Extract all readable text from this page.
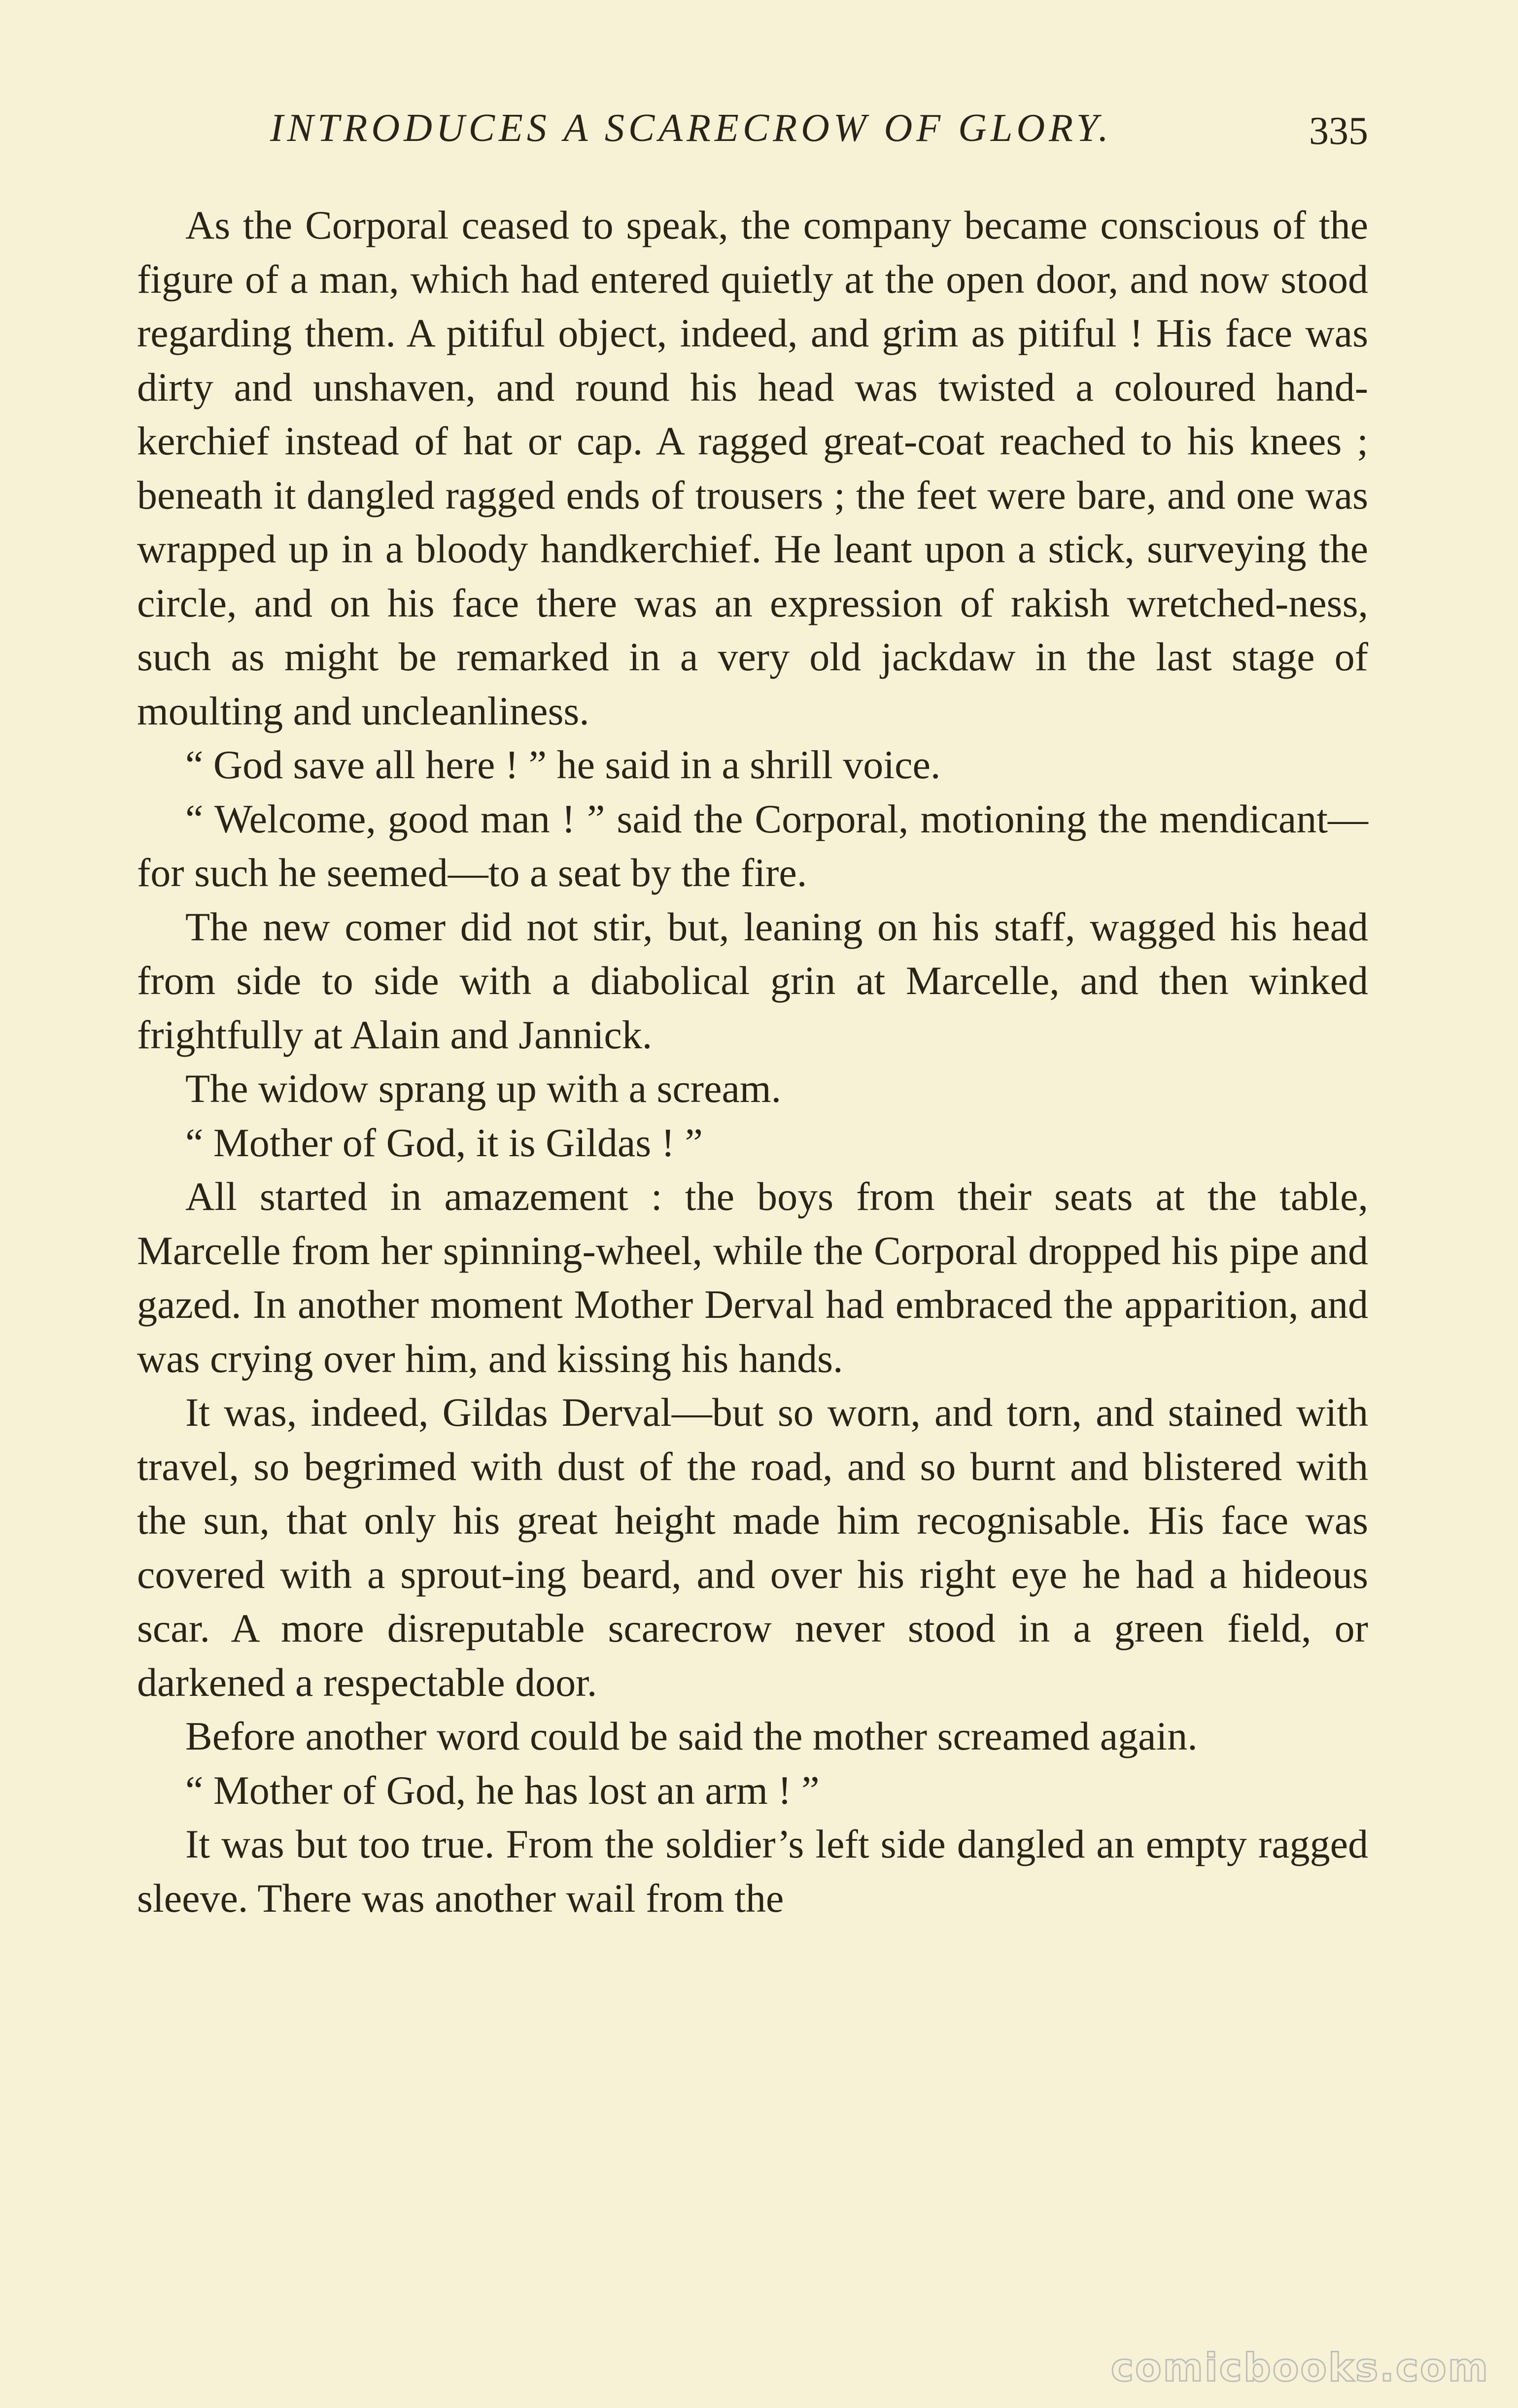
INTRODUCES A SCARECROW OF GLORY.	335

As the Corporal ceased to speak, the company became conscious of the figure of a man, which had entered quietly at the open door, and now stood regarding them. A pitiful object, indeed, and grim as pitiful ! His face was dirty and unshaven, and round his head was twisted a coloured hand-kerchief instead of hat or cap. A ragged great-coat reached to his knees ; beneath it dangled ragged ends of trousers ; the feet were bare, and one was wrapped up in a bloody handkerchief. He leant upon a stick, surveying the circle, and on his face there was an expression of rakish wretched-ness, such as might be remarked in a very old jackdaw in the last stage of moulting and uncleanliness.

“ God save all here ! ” he said in a shrill voice.

“ Welcome, good man ! ” said the Corporal, motioning the mendicant—for such he seemed—to a seat by the fire.

The new comer did not stir, but, leaning on his staff, wagged his head from side to side with a diabolical grin at Marcelle, and then winked frightfully at Alain and Jannick.

The widow sprang up with a scream.

“ Mother of God, it is Gildas ! ”

All started in amazement : the boys from their seats at the table, Marcelle from her spinning-wheel, while the Corporal dropped his pipe and gazed. In another moment Mother Derval had embraced the apparition, and was crying over him, and kissing his hands.

It was, indeed, Gildas Derval—but so worn, and torn, and stained with travel, so begrimed with dust of the road, and so burnt and blistered with the sun, that only his great height made him recognisable. His face was covered with a sprout-ing beard, and over his right eye he had a hideous scar. A more disreputable scarecrow never stood in a green field, or darkened a respectable door.

Before another word could be said the mother screamed again.

“ Mother of God, he has lost an arm ! ”

It was but too true. From the soldier’s left side dangled an empty ragged sleeve. There was another wail from the

comicbooks.com
